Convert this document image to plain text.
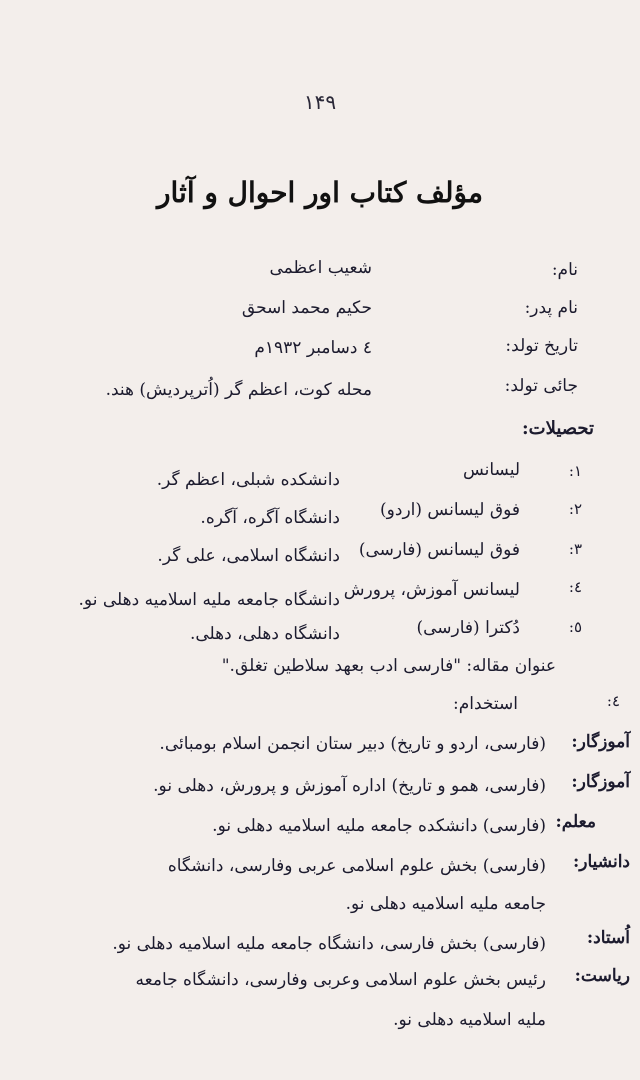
۱۴۹
مؤلف کتاب اور احوال و آثار
نام:
شعیب اعظمی
نام پدر:
حکیم محمد اسحق
تاریخ تولد:
٤ دسامبر ۱۹۳۲م
جائی تولد:
محله کوت، اعظم گر (اُترپردیش) هند.
تحصیلات:
۱:
لیسانس
دانشکده شبلی، اعظم گر.
۲:
فوق لیسانس (اردو)
دانشگاه آگره، آگره.
۳:
فوق لیسانس (فارسی)
دانشگاه اسلامی، علی گر.
٤:
لیسانس آموزش، پرورش
دانشگاه جامعه ملیه اسلامیه دهلی نو.
٥:
دُکترا (فارسی)
دانشگاه دهلی، دهلی.
عنوان مقاله: "فارسی ادب بعهد سلاطین تغلق."
٤:
استخدام:
آموزگار:
(فارسی، اردو و تاریخ) دبیر ستان انجمن اسلام بومبائی.
آموزگار:
(فارسی، همو و تاریخ) اداره آموزش و پرورش، دهلی نو.
معلم:
(فارسی) دانشکده جامعه ملیه اسلامیه دهلی نو.
دانشیار:
(فارسی) بخش علوم اسلامی عربی وفارسی، دانشگاه
جامعه ملیه اسلامیه دهلی نو.
اُستاد:
(فارسی) بخش فارسی، دانشگاه جامعه ملیه اسلامیه دهلی نو.
ریاست:
رئیس بخش علوم اسلامی وعربی وفارسی، دانشگاه جامعه
ملیه اسلامیه دهلی نو.
